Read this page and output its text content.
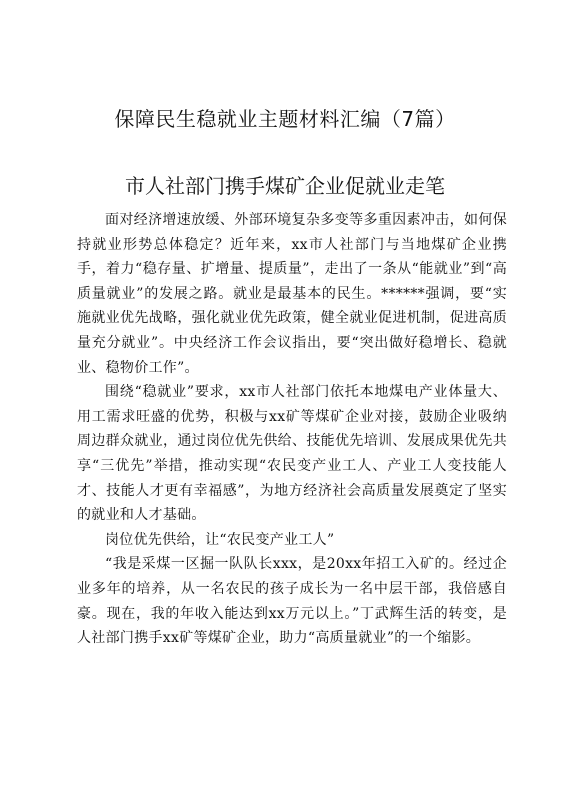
保障民生稳就业主题材料汇编（7篇）
市人社部门携手煤矿企业促就业走笔

面对经济增速放缓、外部环境复杂多变等多重因素冲击，如何保持就业形势总体稳定？近年来，xx市人社部门与当地煤矿企业携手，着力“稳存量、扩增量、提质量”，走出了一条从“能就业”到“高质量就业”的发展之路。就业是最基本的民生。******强调，要“实施就业优先战略，强化就业优先政策，健全就业促进机制，促进高质量充分就业”。中央经济工作会议指出，要“突出做好稳增长、稳就业、稳物价工作”。

围绕“稳就业”要求，xx市人社部门依托本地煤电产业体量大、用工需求旺盛的优势，积极与xx矿等煤矿企业对接，鼓励企业吸纳周边群众就业，通过岗位优先供给、技能优先培训、发展成果优先共享“三优先”举措，推动实现“农民变产业工人、产业工人变技能人才、技能人才更有幸福感”，为地方经济社会高质量发展奠定了坚实的就业和人才基础。

岗位优先供给，让“农民变产业工人”

“我是采煤一区掘一队队长xxx，是20xx年招工入矿的。经过企业多年的培养，从一名农民的孩子成长为一名中层干部，我倍感自豪。现在，我的年收入能达到xx万元以上。”丁武辉生活的转变，是人社部门携手xx矿等煤矿企业，助力“高质量就业”的一个缩影。
